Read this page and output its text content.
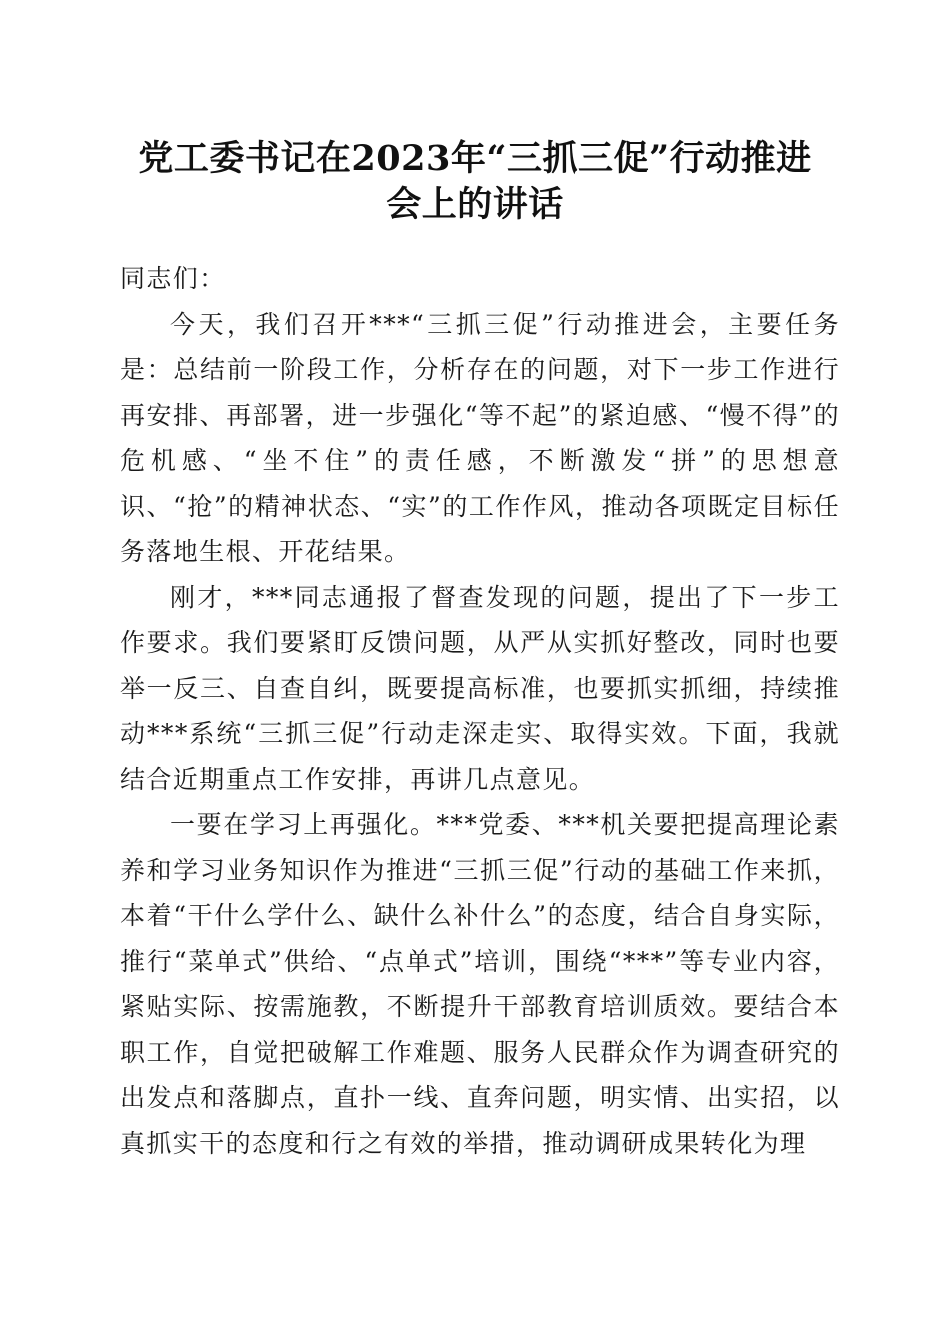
党工委书记在2023年“三抓三促”行动推进
会上的讲话

同志们：

今天，我们召开***“三抓三促”行动推进会，主要任务是：总结前一阶段工作，分析存在的问题，对下一步工作进行再安排、再部署，进一步强化“等不起”的紧迫感、“慢不得”的危机感、“坐不住”的责任感，不断激发“拼”的思想意识、“抢”的精神状态、“实”的工作作风，推动各项既定目标任务落地生根、开花结果。

刚才，***同志通报了督查发现的问题，提出了下一步工作要求。我们要紧盯反馈问题，从严从实抓好整改，同时也要举一反三、自查自纠，既要提高标准，也要抓实抓细，持续推动***系统“三抓三促”行动走深走实、取得实效。下面，我就结合近期重点工作安排，再讲几点意见。

一要在学习上再强化。***党委、***机关要把提高理论素养和学习业务知识作为推进“三抓三促”行动的基础工作来抓，本着“干什么学什么、缺什么补什么”的态度，结合自身实际，推行“菜单式”供给、“点单式”培训，围绕“***”等专业内容，紧贴实际、按需施教，不断提升干部教育培训质效。要结合本职工作，自觉把破解工作难题、服务人民群众作为调查研究的出发点和落脚点，直扑一线、直奔问题，明实情、出实招，以真抓实干的态度和行之有效的举措，推动调研成果转化为理
